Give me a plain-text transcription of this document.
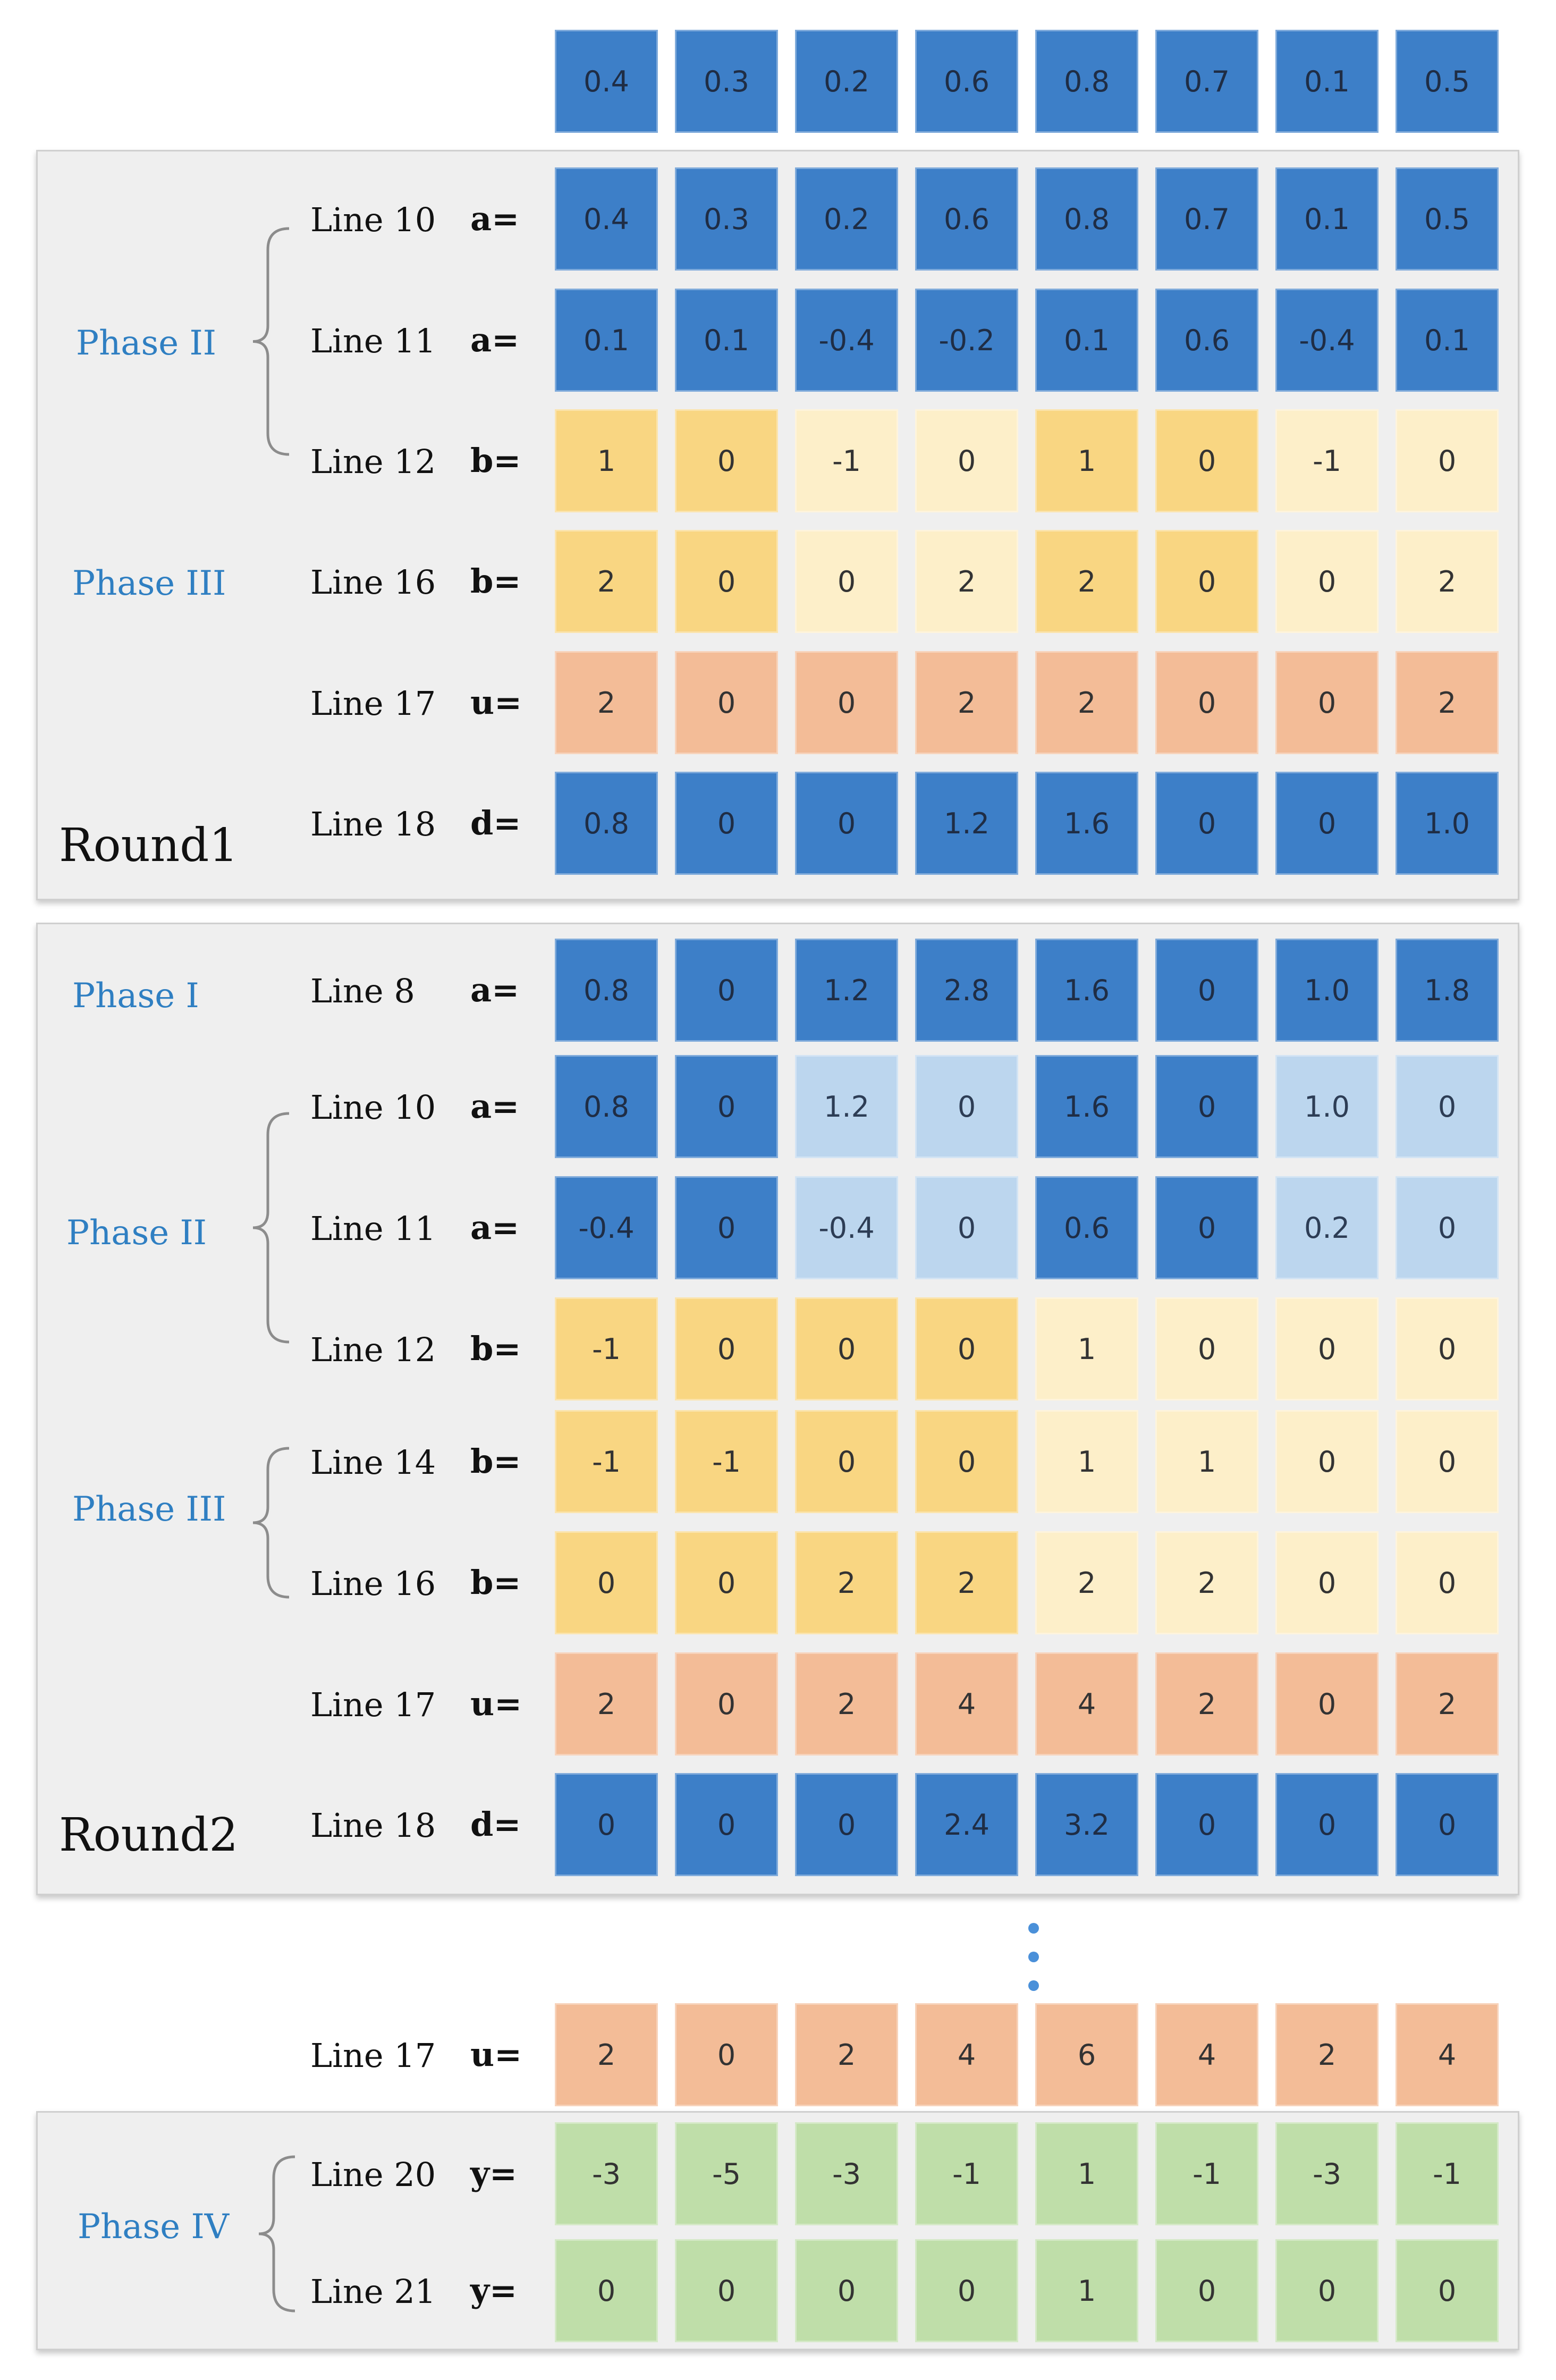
0.4	0.3	0.2	0.6	0.8	0.7	0.1	0.5
0.4	0.3	0.2	0.6	0.8	0.7	0.1	0.5
Line 10 a=
0.1	0.1	-0.4	-0.2	0.1	0.6	-0.4	0.1
Line 11 a=
1	0	-1	0	1	0	-1	0
Line 12 b=
2	0	0	2	2	0	0	2
Line 16 b=
2	0	0	2	2	0	0	2
Line 17 u=
0.8	0	0	1.2	1.6	0	0	1.0
Line 18 d=
Phase II
Phase III
Round1
0.8	0	1.2	2.8	1.6	0	1.0	1.8
Line 8 a=
0.8	0	1.2	0	1.6	0	1.0	0
Line 10 a=
-0.4	0	-0.4	0	0.6	0	0.2	0
Line 11 a=
-1	0	0	0	1	0	0	0
Line 12 b=
-1	-1	0	0	1	1	0	0
Line 14 b=
0	0	2	2	2	2	0	0
Line 16 b=
2	0	2	4	4	2	0	2
Line 17 u=
0	0	0	2.4	3.2	0	0	0
Line 18 d=
Phase I
Phase II
Phase III
Round2
2	0	2	4	6	4	2	4
Line 17 u=
-3	-5	-3	-1	1	-1	-3	-1
Line 20 y=
0	0	0	0	1	0	0	0
Line 21 y=
Phase IV
